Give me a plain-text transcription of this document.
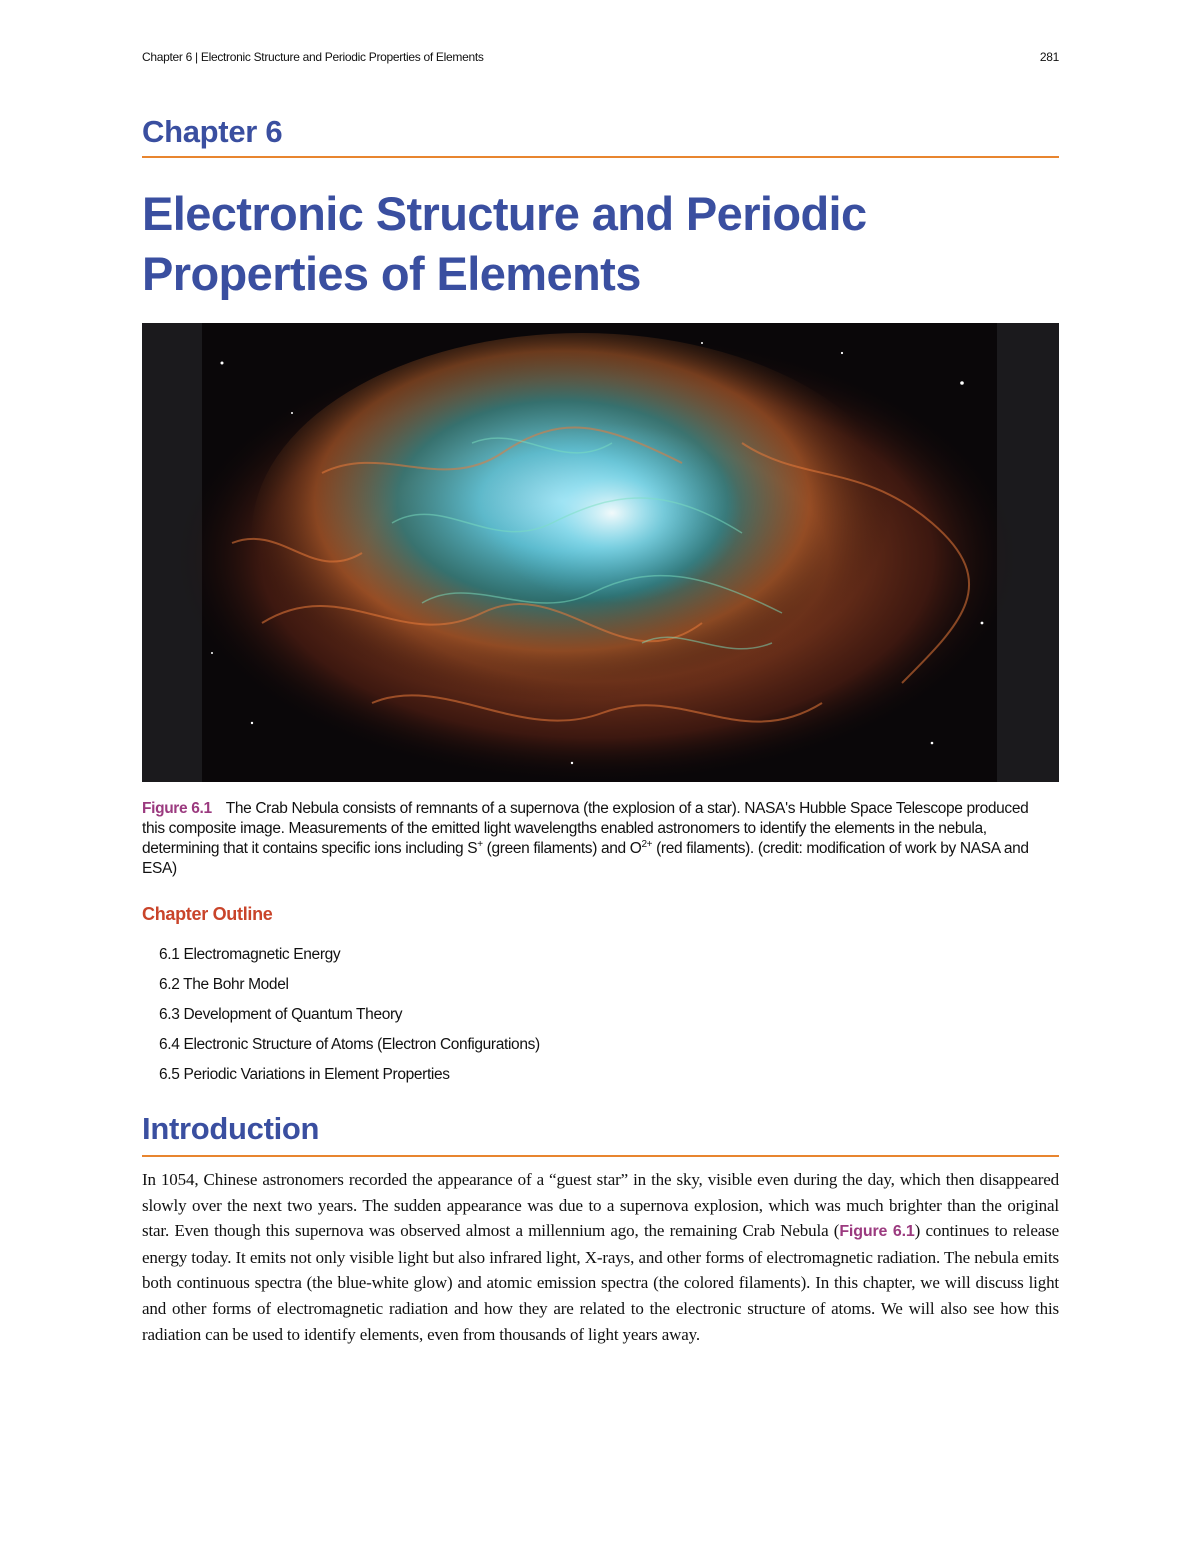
Chapter 6 | Electronic Structure and Periodic Properties of Elements	281
Chapter 6
Electronic Structure and Periodic Properties of Elements
Figure 6.1 The Crab Nebula consists of remnants of a supernova (the explosion of a star). NASA's Hubble Space Telescope produced this composite image. Measurements of the emitted light wavelengths enabled astronomers to identify the elements in the nebula, determining that it contains specific ions including S+ (green filaments) and $O^{2+}$ (red filaments). (credit: modification of work by NASA and ESA)
Chapter Outline
6.1 Electromagnetic Energy
6.2 The Bohr Model
6.3 Development of Quantum Theory
6.4 Electronic Structure of Atoms (Electron Configurations)
6.5 Periodic Variations in Element Properties
Introduction

In 1054, Chinese astronomers recorded the appearance of a “guest star” in the sky, visible even during the day, which then disappeared slowly over the next two years. The sudden appearance was due to a supernova explosion, which was much brighter than the original star. Even though this supernova was observed almost a millennium ago, the remaining Crab Nebula (Figure 6.1) continues to release energy today. It emits not only visible light but also infrared light, X-rays, and other forms of electromagnetic radiation. The nebula emits both continuous spectra (the blue-white glow) and atomic emission spectra (the colored filaments). In this chapter, we will discuss light and other forms of electromagnetic radiation and how they are related to the electronic structure of atoms. We will also see how this radiation can be used to identify elements, even from thousands of light years away.
